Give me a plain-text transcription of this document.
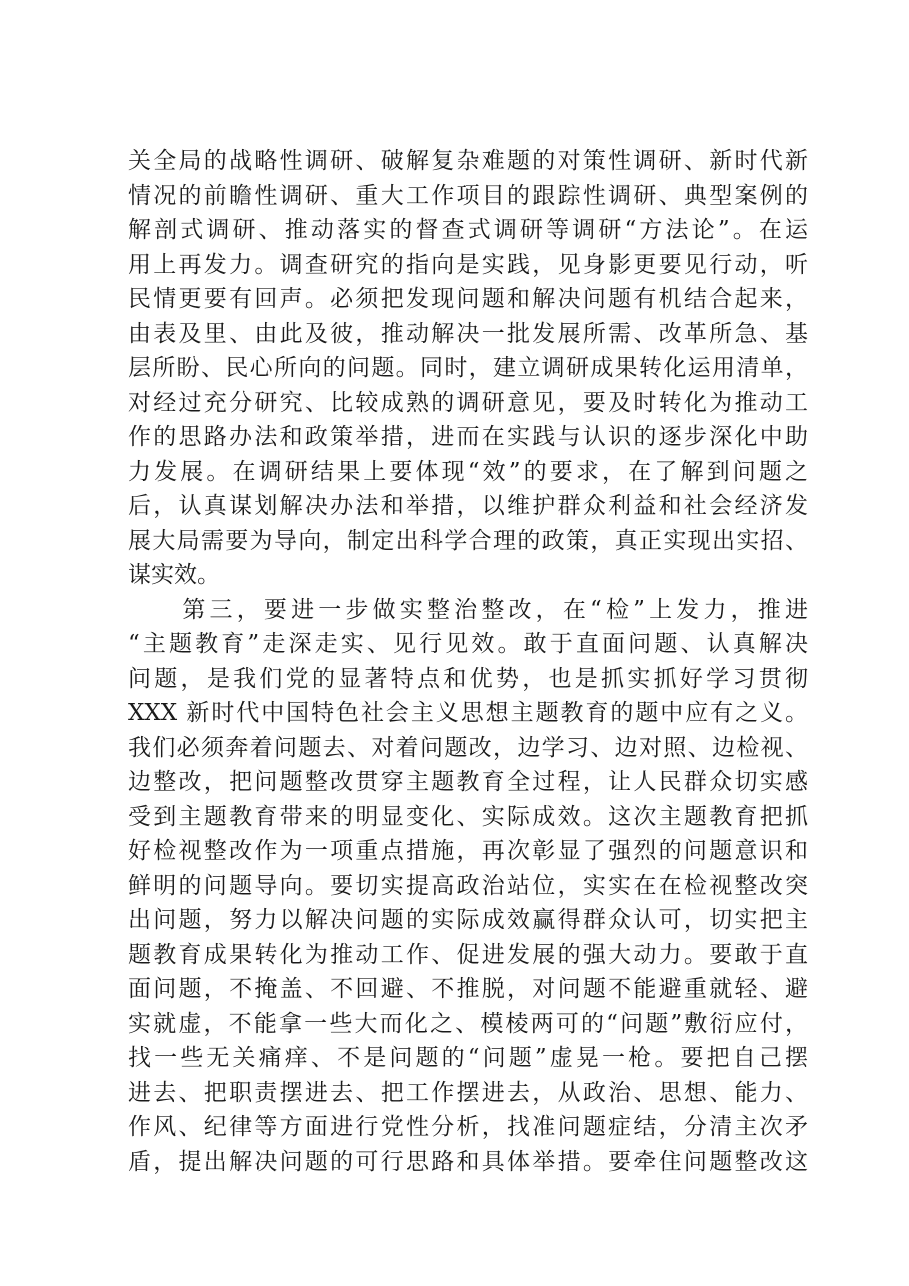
关全局的战略性调研、破解复杂难题的对策性调研、新时代新
情况的前瞻性调研、重大工作项目的跟踪性调研、典型案例的
解剖式调研、推动落实的督查式调研等调研“方法论”。在运
用上再发力。调查研究的指向是实践，见身影更要见行动，听
民情更要有回声。必须把发现问题和解决问题有机结合起来，
由表及里、由此及彼，推动解决一批发展所需、改革所急、基
层所盼、民心所向的问题。同时，建立调研成果转化运用清单，
对经过充分研究、比较成熟的调研意见，要及时转化为推动工
作的思路办法和政策举措，进而在实践与认识的逐步深化中助
力发展。在调研结果上要体现“效”的要求，在了解到问题之
后，认真谋划解决办法和举措，以维护群众利益和社会经济发
展大局需要为导向，制定出科学合理的政策，真正实现出实招、
谋实效。
　　第三，要进一步做实整治整改，在“检”上发力，推进
“主题教育”走深走实、见行见效。敢于直面问题、认真解决
问题，是我们党的显著特点和优势，也是抓实抓好学习贯彻
XXX 新时代中国特色社会主义思想主题教育的题中应有之义。
我们必须奔着问题去、对着问题改，边学习、边对照、边检视、
边整改，把问题整改贯穿主题教育全过程，让人民群众切实感
受到主题教育带来的明显变化、实际成效。这次主题教育把抓
好检视整改作为一项重点措施，再次彰显了强烈的问题意识和
鲜明的问题导向。要切实提高政治站位，实实在在检视整改突
出问题，努力以解决问题的实际成效赢得群众认可，切实把主
题教育成果转化为推动工作、促进发展的强大动力。要敢于直
面问题，不掩盖、不回避、不推脱，对问题不能避重就轻、避
实就虚，不能拿一些大而化之、模棱两可的“问题”敷衍应付，
找一些无关痛痒、不是问题的“问题”虚晃一枪。要把自己摆
进去、把职责摆进去、把工作摆进去，从政治、思想、能力、
作风、纪律等方面进行党性分析，找准问题症结，分清主次矛
盾，提出解决问题的可行思路和具体举措。要牵住问题整改这
